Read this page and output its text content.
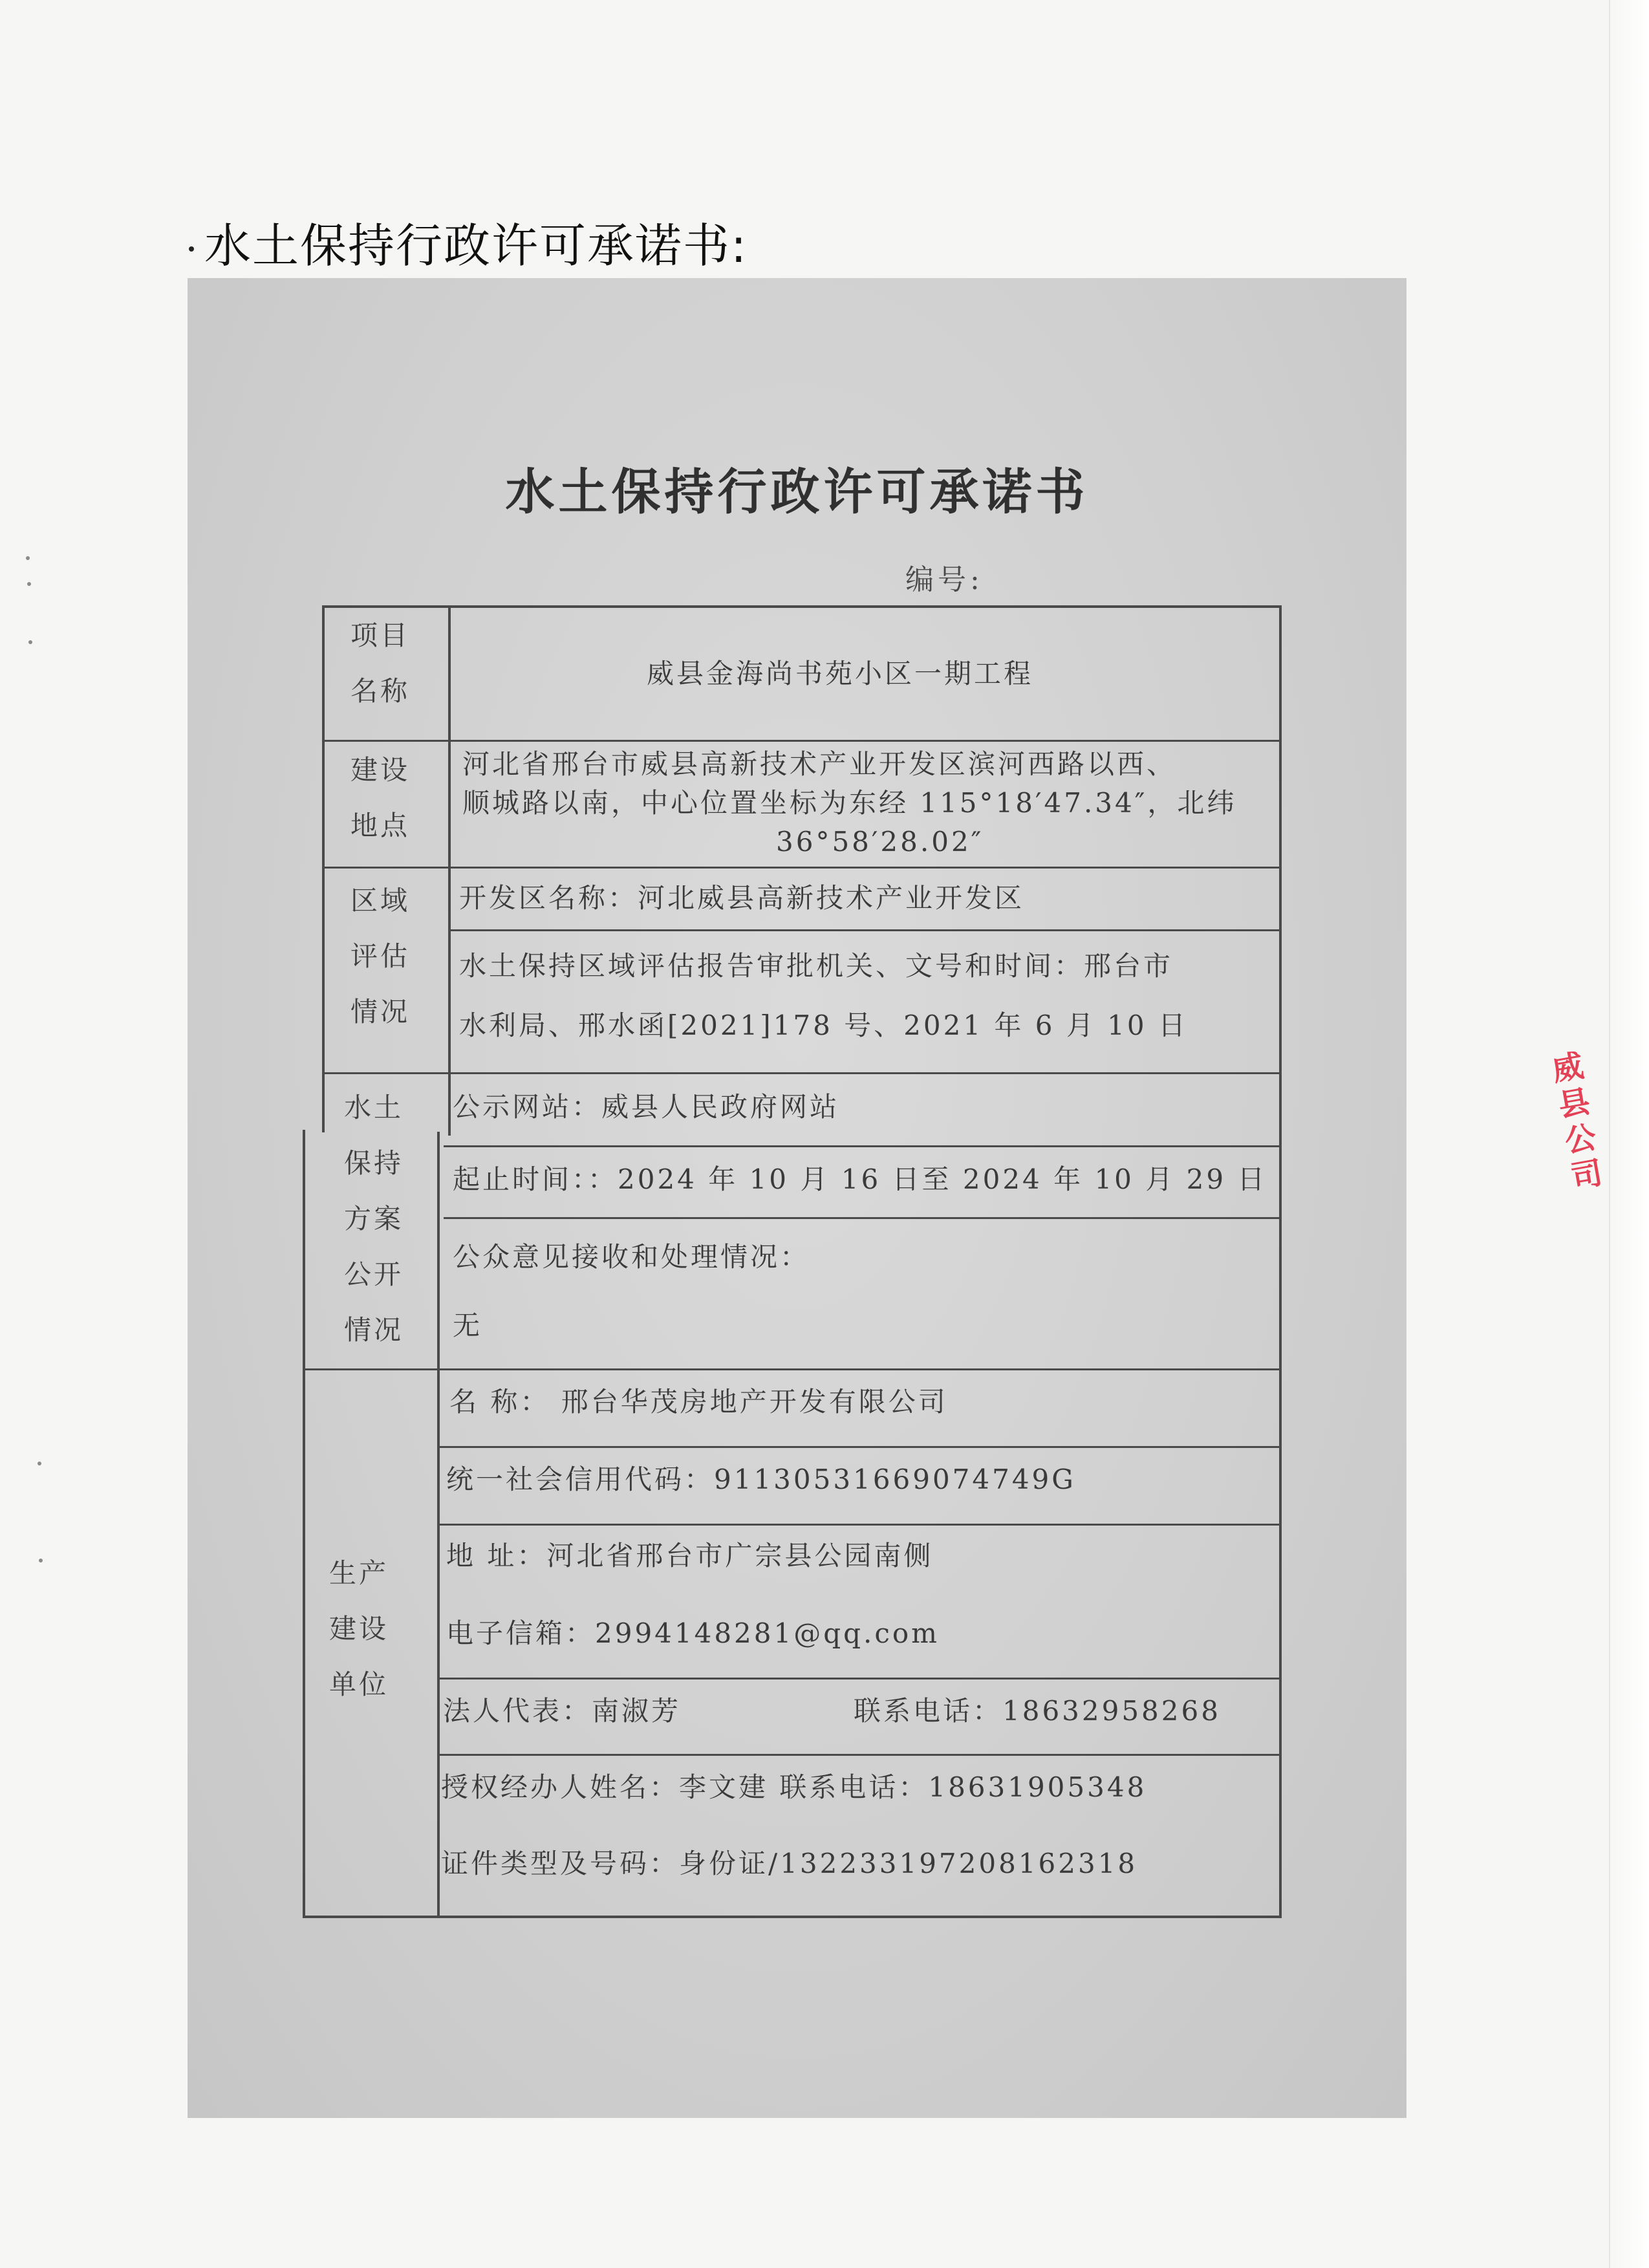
水土保持行政许可承诺书:
水土保持行政许可承诺书
编号:
项目
名称
建设
地点
区域
评估
情况
水土
保持
方案
公开
情况
生产
建设
单位
威县金海尚书苑小区一期工程
河北省邢台市威县高新技术产业开发区滨河西路以西、
顺城路以南，中心位置坐标为东经 115°18′47.34″，北纬
36°58′28.02″
开发区名称：河北威县高新技术产业开发区
水土保持区域评估报告审批机关、文号和时间：邢台市
水利局、邢水函[2021]178 号、2021 年 6 月 10 日
公示网站：威县人民政府网站
起止时间：：2024 年 10 月 16 日至 2024 年 10 月 29 日
公众意见接收和处理情况：
无
名 称： 邢台华茂房地产开发有限公司
统一社会信用代码：91130531669074749G
地 址：河北省邢台市广宗县公园南侧
电子信箱：2994148281@qq.com
法人代表：南淑芳	联系电话：18632958268
授权经办人姓名：李文建 联系电话：18631905348
证件类型及号码：身份证/132233197208162318
威
县
公
司
